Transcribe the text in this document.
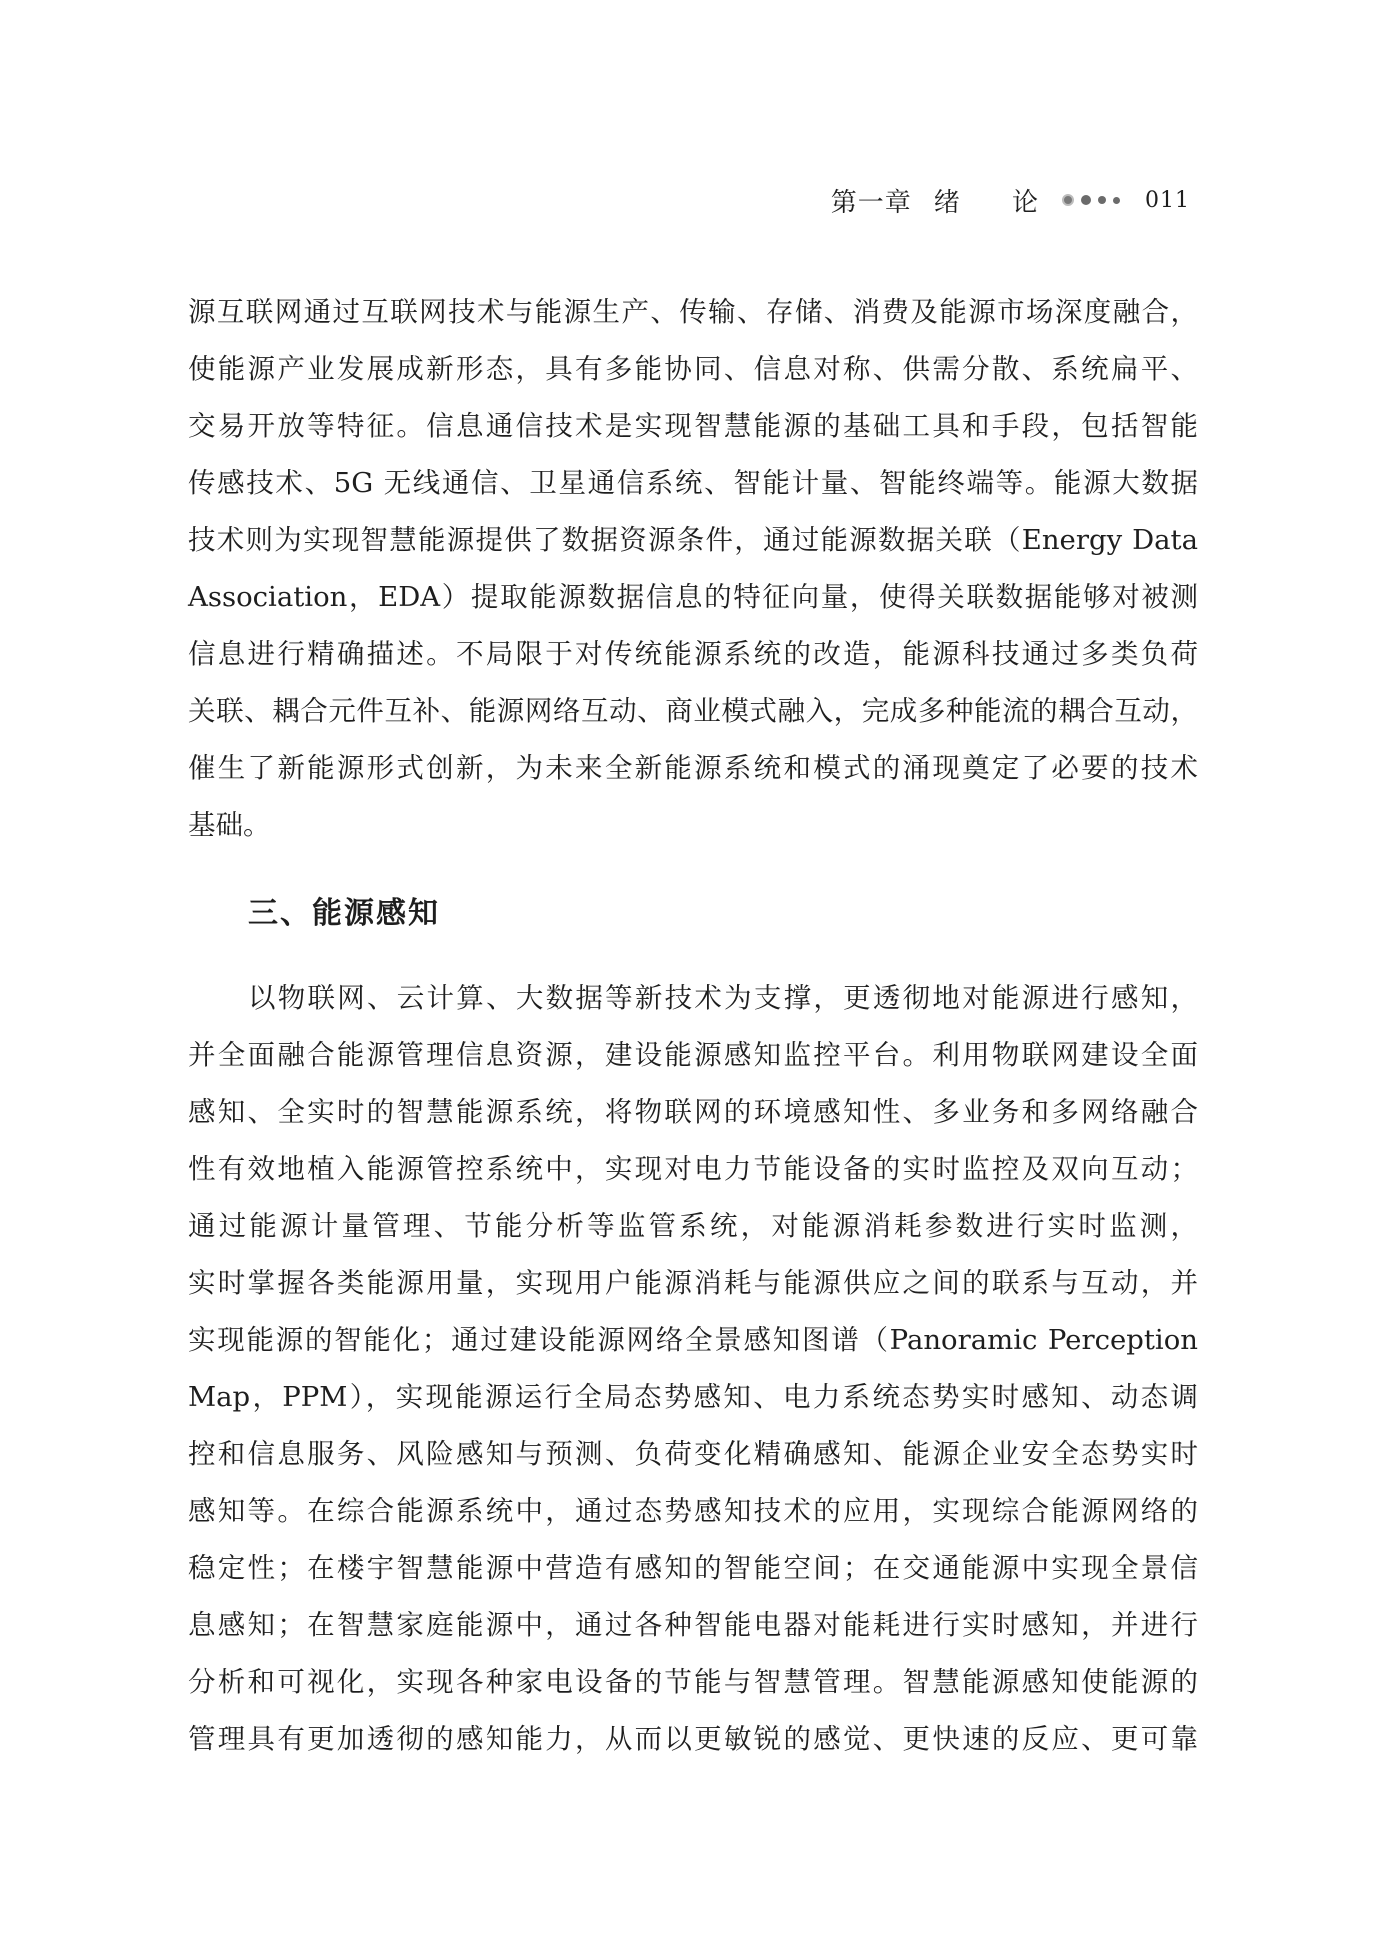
第一章 绪 论	011
源互联网通过互联网技术与能源生产、传输、存储、消费及能源市场深度融合，
使能源产业发展成新形态，具有多能协同、信息对称、供需分散、系统扁平、
交易开放等特征。信息通信技术是实现智慧能源的基础工具和手段，包括智能
传感技术、5G 无线通信、卫星通信系统、智能计量、智能终端等。能源大数据
技术则为实现智慧能源提供了数据资源条件，通过能源数据关联（Energy Data
Association，EDA）提取能源数据信息的特征向量，使得关联数据能够对被测
信息进行精确描述。不局限于对传统能源系统的改造，能源科技通过多类负荷
关联、耦合元件互补、能源网络互动、商业模式融入，完成多种能流的耦合互动，
催生了新能源形式创新，为未来全新能源系统和模式的涌现奠定了必要的技术
基础。
三、能源感知
以物联网、云计算、大数据等新技术为支撑，更透彻地对能源进行感知，
并全面融合能源管理信息资源，建设能源感知监控平台。利用物联网建设全面
感知、全实时的智慧能源系统，将物联网的环境感知性、多业务和多网络融合
性有效地植入能源管控系统中，实现对电力节能设备的实时监控及双向互动；
通过能源计量管理、节能分析等监管系统，对能源消耗参数进行实时监测，
实时掌握各类能源用量，实现用户能源消耗与能源供应之间的联系与互动，并
实现能源的智能化；通过建设能源网络全景感知图谱（Panoramic Perception
Map，PPM），实现能源运行全局态势感知、电力系统态势实时感知、动态调
控和信息服务、风险感知与预测、负荷变化精确感知、能源企业安全态势实时
感知等。在综合能源系统中，通过态势感知技术的应用，实现综合能源网络的
稳定性；在楼宇智慧能源中营造有感知的智能空间；在交通能源中实现全景信
息感知；在智慧家庭能源中，通过各种智能电器对能耗进行实时感知，并进行
分析和可视化，实现各种家电设备的节能与智慧管理。智慧能源感知使能源的
管理具有更加透彻的感知能力，从而以更敏锐的感觉、更快速的反应、更可靠
